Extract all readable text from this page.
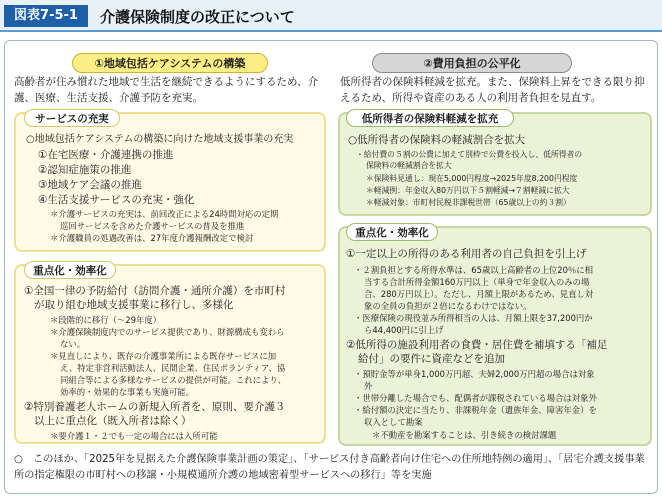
図表7-5-1	介護保険制度の改正について
①地域包括ケアシステムの構築
高齢者が住み慣れた地域で生活を継続できるようにするため、介護、医療、生活支援、介護予防を充実。
サービスの充実
○地域包括ケアシステムの構築に向けた地域支援事業の充実
①在宅医療・介護連携の推進
②認知症施策の推進
③地域ケア会議の推進
④生活支援サービスの充実・強化
＊介護サービスの充実は、前回改正による24時間対応の定期
巡回サービスを含めた介護サービスの普及を推進
＊介護職員の処遇改善は、27年度介護報酬改定で検討
重点化・効率化
①全国一律の予防給付（訪問介護・通所介護）を市町村
が取り組む地域支援事業に移行し、多様化
＊段階的に移行（～29年度）
＊介護保険制度内でのサービス提供であり、財源構成も変わら
ない。
＊見直しにより、既存の介護事業所による既存サービスに加
え、特定非営利活動法人、民間企業、住民ボランティア、協
同組合等による多様なサービスの提供が可能。これにより、
効率的・効果的な事業も実施可能。
②特別養護老人ホームの新規入所者を、原則、要介護３
以上に重点化（既入所者は除く）
＊要介護１・２でも一定の場合には入所可能
②費用負担の公平化
低所得者の保険料軽減を拡充。また、保険料上昇をできる限り抑えるため、所得や資産のある人の利用者負担を見直す。
低所得者の保険料軽減を拡充
○低所得者の保険料の軽減割合を拡大
・給付費の５割の公費に加えて別枠で公費を投入し、低所得者の
保険料の軽減割合を拡大
＊保険料見通し：現在5,000円程度→2025年度8,200円程度
＊軽減例：年金収入80万円以下５割軽減→７割軽減に拡大
＊軽減対象：市町村民税非課税世帯（65歳以上の約３割）
重点化・効率化
①一定以上の所得のある利用者の自己負担を引上げ
・２割負担とする所得水準は、65歳以上高齢者の上位20％に相
当する合計所得金額160万円以上（単身で年金収入のみの場
合、280万円以上）。ただし、月額上限があるため、見直し対
象の全員の負担が２倍になるわけではない。
・医療保険の現役並み所得相当の人は、月額上限を37,200円か
ら44,400円に引上げ
②低所得の施設利用者の食費・居住費を補填する「補足
給付」の要件に資産などを追加
・預貯金等が単身1,000万円超、夫婦2,000万円超の場合は対象
外
・世帯分離した場合でも、配偶者が課税されている場合は対象外
・給付額の決定に当たり、非課税年金（遺族年金、障害年金）を
収入として勘案
＊不動産を勘案することは、引き続きの検討課題
○　このほか、「2025年を見据えた介護保険事業計画の策定」、「サービス付き高齢者向け住宅への住所地特例の適用」、「居宅介護支援事業所の指定権限の市町村への移譲・小規模通所介護の地域密着型サービスへの移行」等を実施
